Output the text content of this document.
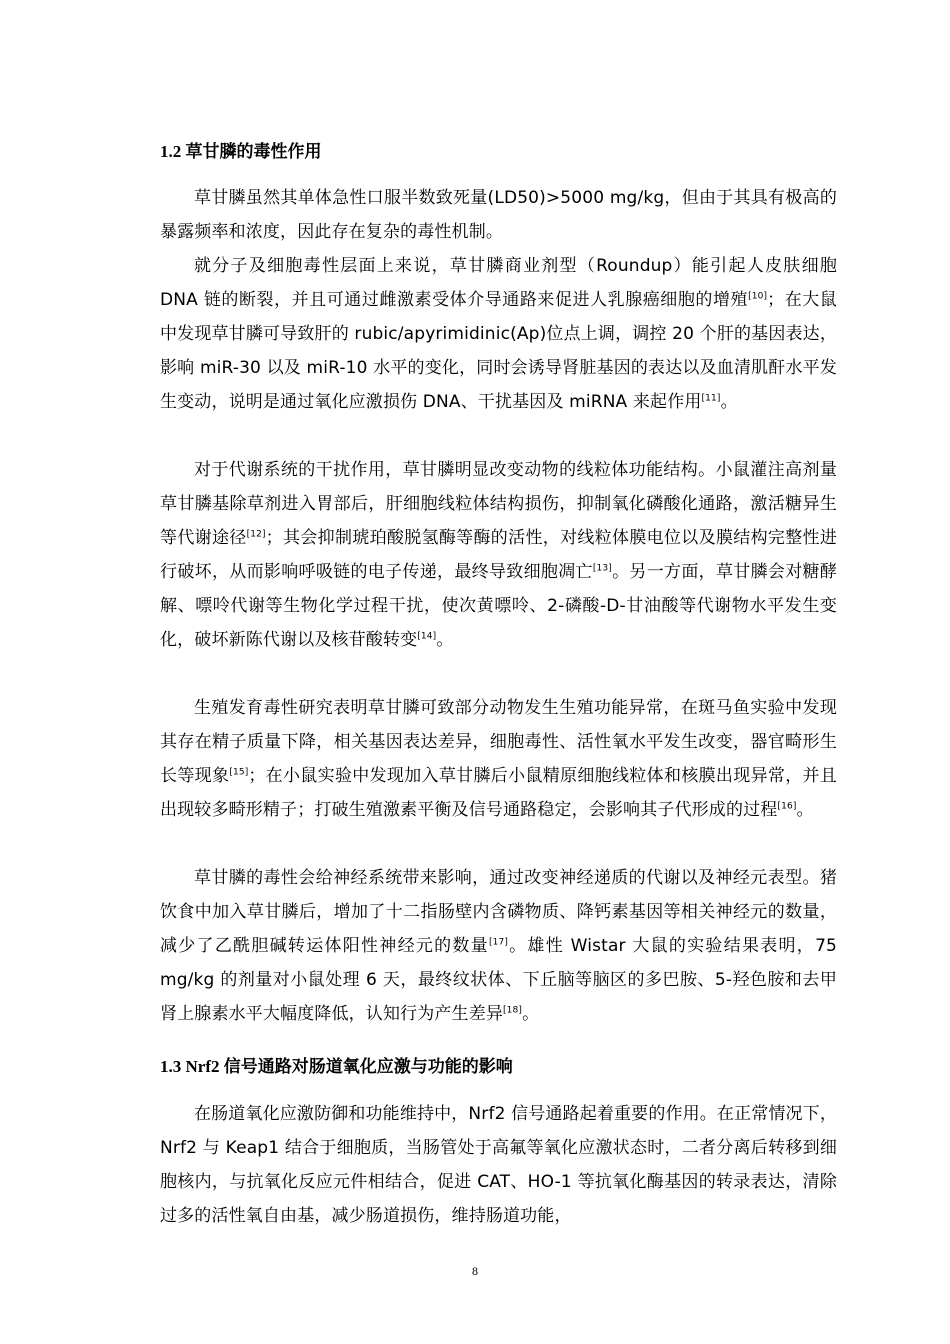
1.2 草甘膦的毒性作用

草甘膦虽然其单体急性口服半数致死量(LD50)>5000 mg/kg，但由于其具有极高的暴露频率和浓度，因此存在复杂的毒性机制。

就分子及细胞毒性层面上来说，草甘膦商业剂型（Roundup）能引起人皮肤细胞 DNA 链的断裂，并且可通过雌激素受体介导通路来促进人乳腺癌细胞的增殖[10]；在大鼠中发现草甘膦可导致肝的 rubic/apyrimidinic(Ap)位点上调，调控 20 个肝的基因表达，影响 miR-30 以及 miR-10 水平的变化，同时会诱导肾脏基因的表达以及血清肌酐水平发生变动，说明是通过氧化应激损伤 DNA、干扰基因及 miRNA 来起作用[11]。

对于代谢系统的干扰作用，草甘膦明显改变动物的线粒体功能结构。小鼠灌注高剂量草甘膦基除草剂进入胃部后，肝细胞线粒体结构损伤，抑制氧化磷酸化通路，激活糖异生等代谢途径[12]；其会抑制琥珀酸脱氢酶等酶的活性，对线粒体膜电位以及膜结构完整性进行破坏，从而影响呼吸链的电子传递，最终导致细胞凋亡[13]。另一方面，草甘膦会对糖酵解、嘌呤代谢等生物化学过程干扰，使次黄嘌呤、2-磷酸-D-甘油酸等代谢物水平发生变化，破坏新陈代谢以及核苷酸转变[14]。

生殖发育毒性研究表明草甘膦可致部分动物发生生殖功能异常，在斑马鱼实验中发现其存在精子质量下降，相关基因表达差异，细胞毒性、活性氧水平发生改变，器官畸形生长等现象[15]；在小鼠实验中发现加入草甘膦后小鼠精原细胞线粒体和核膜出现异常，并且出现较多畸形精子；打破生殖激素平衡及信号通路稳定，会影响其子代形成的过程[16]。

草甘膦的毒性会给神经系统带来影响，通过改变神经递质的代谢以及神经元表型。猪饮食中加入草甘膦后，增加了十二指肠壁内含磷物质、降钙素基因等相关神经元的数量，减少了乙酰胆碱转运体阳性神经元的数量[17]。雄性 Wistar 大鼠的实验结果表明，75 mg/kg 的剂量对小鼠处理 6 天，最终纹状体、下丘脑等脑区的多巴胺、5-羟色胺和去甲肾上腺素水平大幅度降低，认知行为产生差异[18]。

1.3 Nrf2 信号通路对肠道氧化应激与功能的影响

在肠道氧化应激防御和功能维持中，Nrf2 信号通路起着重要的作用。在正常情况下，Nrf2 与 Keap1 结合于细胞质，当肠管处于高氟等氧化应激状态时，二者分离后转移到细胞核内，与抗氧化反应元件相结合，促进 CAT、HO-1 等抗氧化酶基因的转录表达，清除过多的活性氧自由基，减少肠道损伤，维持肠道功能，

8
